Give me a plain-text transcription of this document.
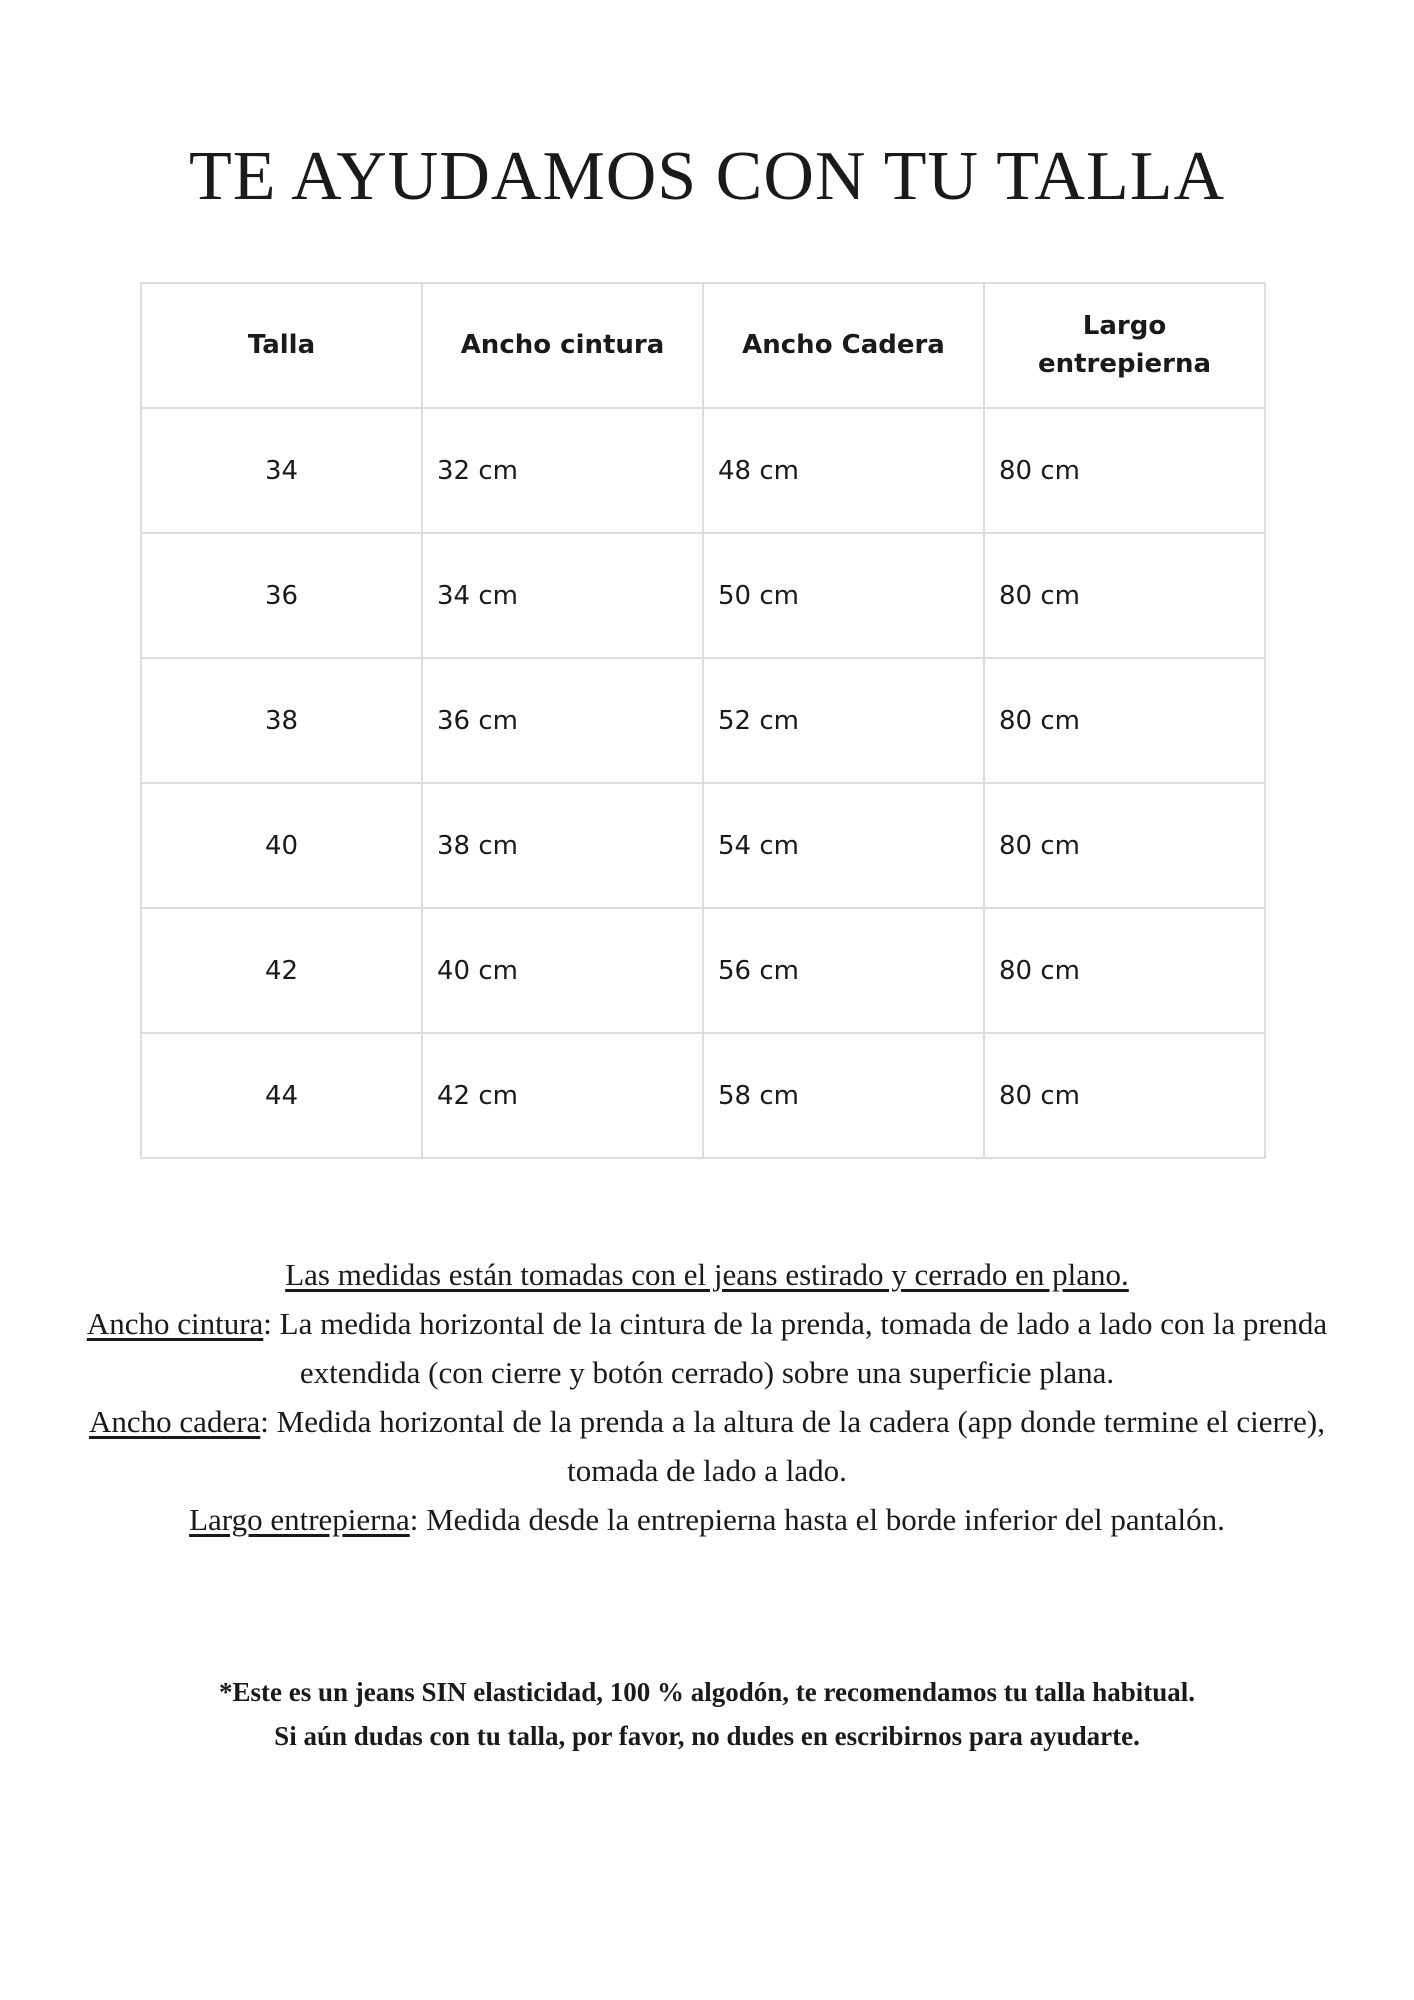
TE AYUDAMOS CON TU TALLA
Talla	Ancho cintura	Ancho Cadera	Largo entrepierna
34	32 cm	48 cm	80 cm
36	34 cm	50 cm	80 cm
38	36 cm	52 cm	80 cm
40	38 cm	54 cm	80 cm
42	40 cm	56 cm	80 cm
44	42 cm	58 cm	80 cm

Las medidas están tomadas con el jeans estirado y cerrado en plano.

Ancho cintura: La medida horizontal de la cintura de la prenda, tomada de lado a lado con la prenda extendida (con cierre y botón cerrado) sobre una superficie plana.

Ancho cadera: Medida horizontal de la prenda a la altura de la cadera (app donde termine el cierre), tomada de lado a lado.

Largo entrepierna: Medida desde la entrepierna hasta el borde inferior del pantalón.

*Este es un jeans SIN elasticidad, 100 % algodón, te recomendamos tu talla habitual.

Si aún dudas con tu talla, por favor, no dudes en escribirnos para ayudarte.
